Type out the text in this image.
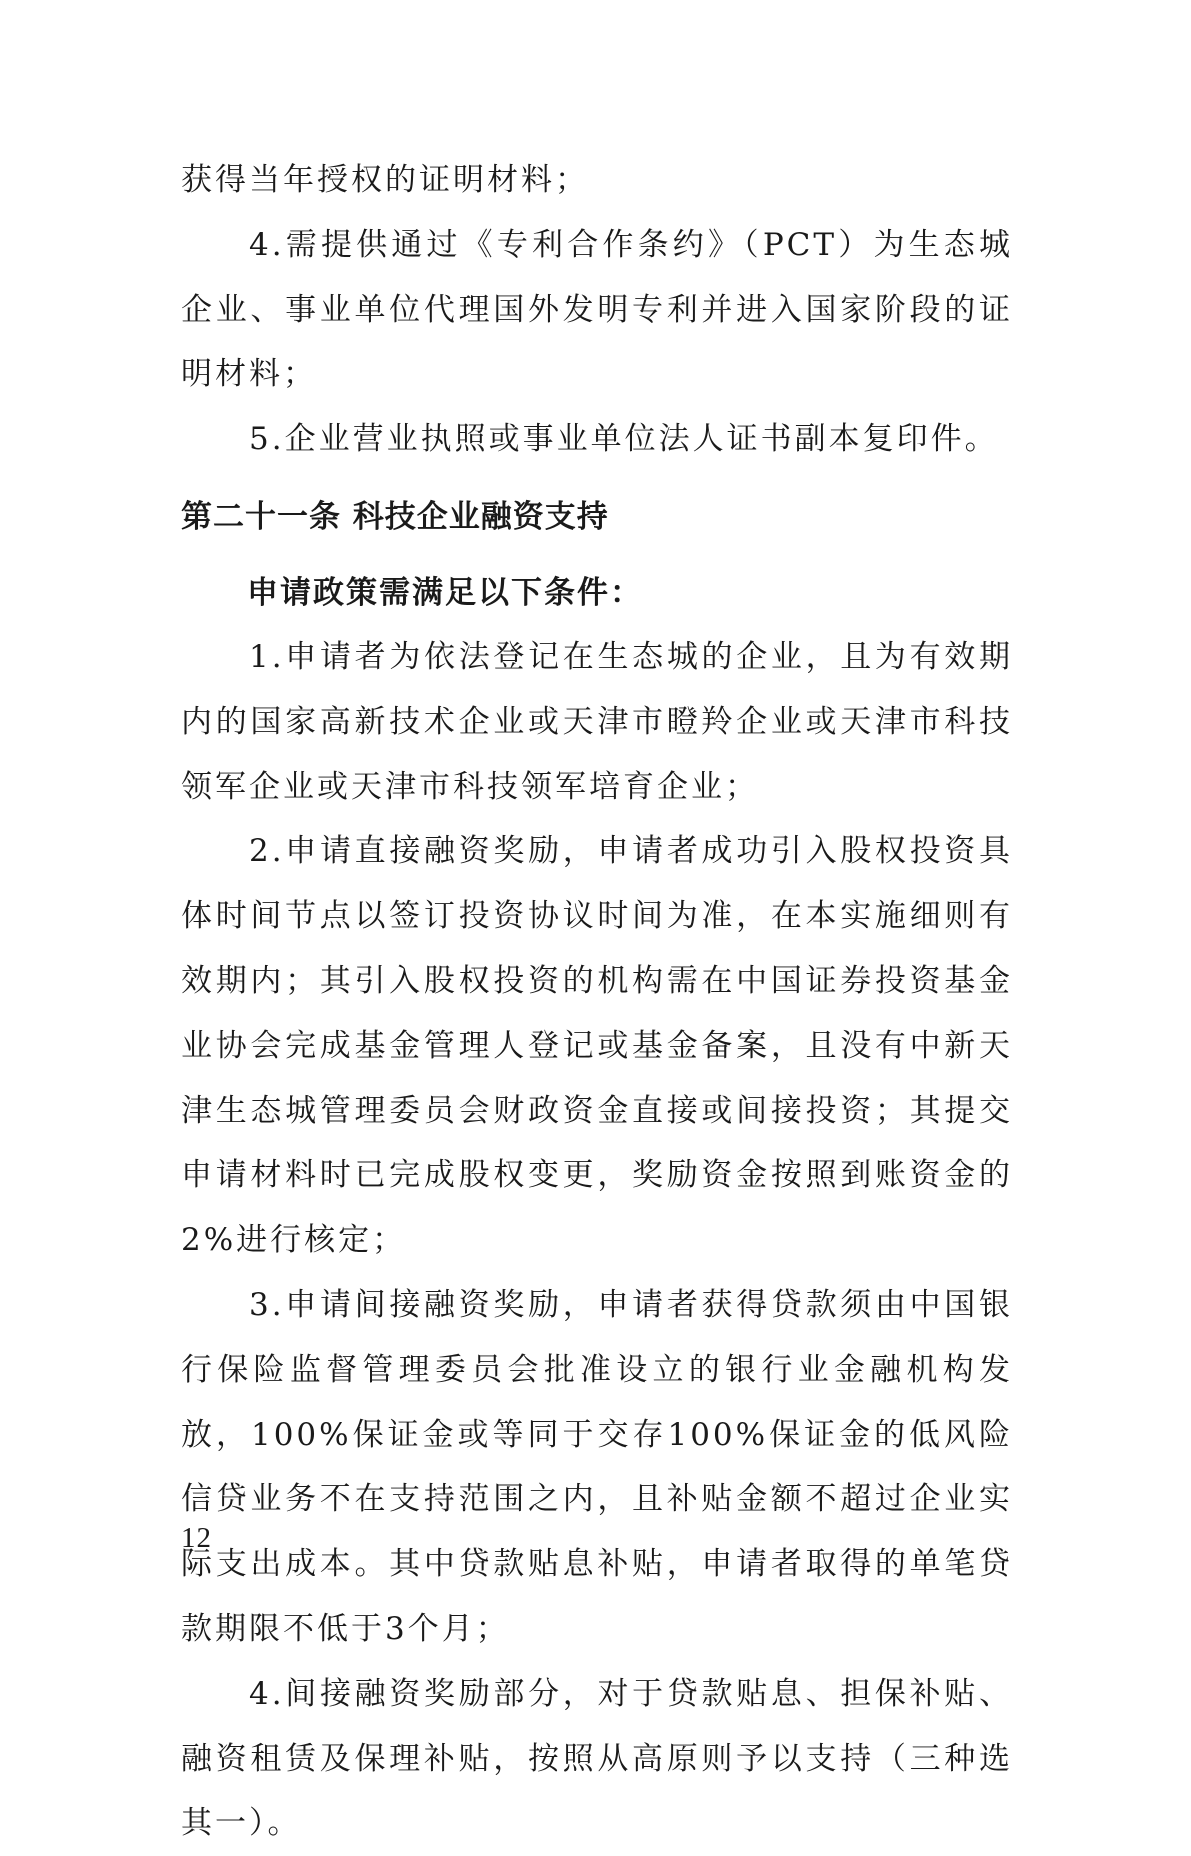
获得当年授权的证明材料；

4.需提供通过《专利合作条约》（PCT）为生态城企业、事业单位代理国外发明专利并进入国家阶段的证明材料；

5.企业营业执照或事业单位法人证书副本复印件。

第二十一条 科技企业融资支持
申请政策需满足以下条件：

1.申请者为依法登记在生态城的企业，且为有效期内的国家高新技术企业或天津市瞪羚企业或天津市科技领军企业或天津市科技领军培育企业；

2.申请直接融资奖励，申请者成功引入股权投资具体时间节点以签订投资协议时间为准，在本实施细则有效期内；其引入股权投资的机构需在中国证券投资基金业协会完成基金管理人登记或基金备案，且没有中新天津生态城管理委员会财政资金直接或间接投资；其提交申请材料时已完成股权变更，奖励资金按照到账资金的2%进行核定；

3.申请间接融资奖励，申请者获得贷款须由中国银行保险监督管理委员会批准设立的银行业金融机构发放，100%保证金或等同于交存100%保证金的低风险信贷业务不在支持范围之内，且补贴金额不超过企业实际支出成本。其中贷款贴息补贴，申请者取得的单笔贷款期限不低于3个月；

4.间接融资奖励部分，对于贷款贴息、担保补贴、融资租赁及保理补贴，按照从高原则予以支持（三种选其一）。

12
